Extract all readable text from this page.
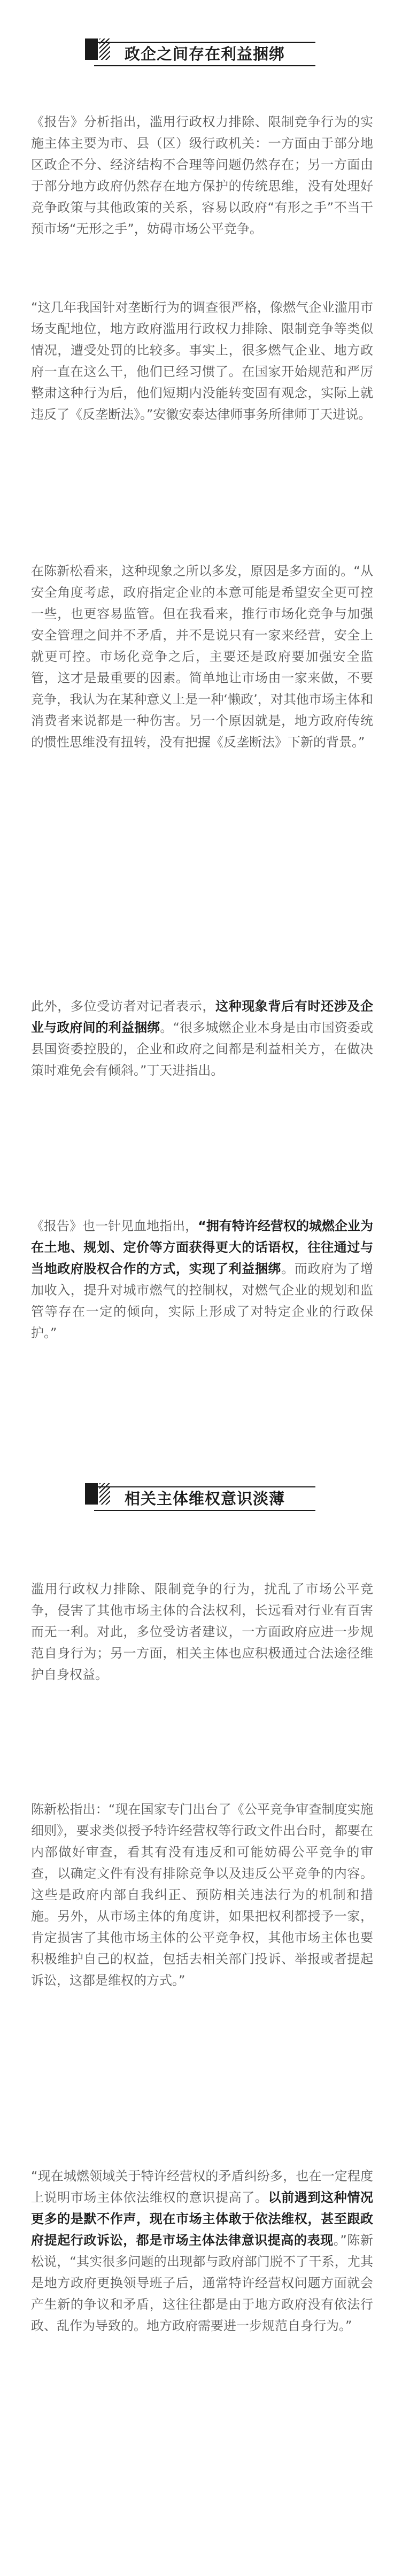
政企之间存在利益捆绑

《报告》分析指出，滥用行政权力排除、限制竞争行为的实施主体主要为市、县（区）级行政机关：一方面由于部分地区政企不分、经济结构不合理等问题仍然存在；另一方面由于部分地方政府仍然存在地方保护的传统思维，没有处理好竞争政策与其他政策的关系，容易以政府“有形之手”不当干预市场“无形之手”，妨碍市场公平竞争。

“这几年我国针对垄断行为的调查很严格，像燃气企业滥用市场支配地位，地方政府滥用行政权力排除、限制竞争等类似情况，遭受处罚的比较多。事实上，很多燃气企业、地方政府一直在这么干，他们已经习惯了。在国家开始规范和严厉整肃这种行为后，他们短期内没能转变固有观念，实际上就违反了《反垄断法》。”安徽安泰达律师事务所律师丁天进说。

在陈新松看来，这种现象之所以多发，原因是多方面的。“从安全角度考虑，政府指定企业的本意可能是希望安全更可控一些，也更容易监管。但在我看来，推行市场化竞争与加强安全管理之间并不矛盾，并不是说只有一家来经营，安全上就更可控。市场化竞争之后，主要还是政府要加强安全监管，这才是最重要的因素。简单地让市场由一家来做，不要竞争，我认为在某种意义上是一种‘懒政’，对其他市场主体和消费者来说都是一种伤害。另一个原因就是，地方政府传统的惯性思维没有扭转，没有把握《反垄断法》下新的背景。”

此外，多位受访者对记者表示，这种现象背后有时还涉及企业与政府间的利益捆绑。“很多城燃企业本身是由市国资委或县国资委控股的，企业和政府之间都是利益相关方，在做决策时难免会有倾斜。”丁天进指出。

《报告》也一针见血地指出，“拥有特许经营权的城燃企业为在土地、规划、定价等方面获得更大的话语权，往往通过与当地政府股权合作的方式，实现了利益捆绑。而政府为了增加收入，提升对城市燃气的控制权，对燃气企业的规划和监管等存在一定的倾向，实际上形成了对特定企业的行政保护。”

相关主体维权意识淡薄

滥用行政权力排除、限制竞争的行为，扰乱了市场公平竞争，侵害了其他市场主体的合法权利，长远看对行业有百害而无一利。对此，多位受访者建议，一方面政府应进一步规范自身行为；另一方面，相关主体也应积极通过合法途径维护自身权益。

陈新松指出：“现在国家专门出台了《公平竞争审查制度实施细则》，要求类似授予特许经营权等行政文件出台时，都要在内部做好审查，看其有没有违反和可能妨碍公平竞争的审查，以确定文件有没有排除竞争以及违反公平竞争的内容。这些是政府内部自我纠正、预防相关违法行为的机制和措施。另外，从市场主体的角度讲，如果把权利都授予一家，肯定损害了其他市场主体的公平竞争权，其他市场主体也要积极维护自己的权益，包括去相关部门投诉、举报或者提起诉讼，这都是维权的方式。”

“现在城燃领域关于特许经营权的矛盾纠纷多，也在一定程度上说明市场主体依法维权的意识提高了。以前遇到这种情况更多的是默不作声，现在市场主体敢于依法维权，甚至跟政府提起行政诉讼，都是市场主体法律意识提高的表现。”陈新松说，“其实很多问题的出现都与政府部门脱不了干系，尤其是地方政府更换领导班子后，通常特许经营权问题方面就会产生新的争议和矛盾，这往往都是由于地方政府没有依法行政、乱作为导致的。地方政府需要进一步规范自身行为。”
